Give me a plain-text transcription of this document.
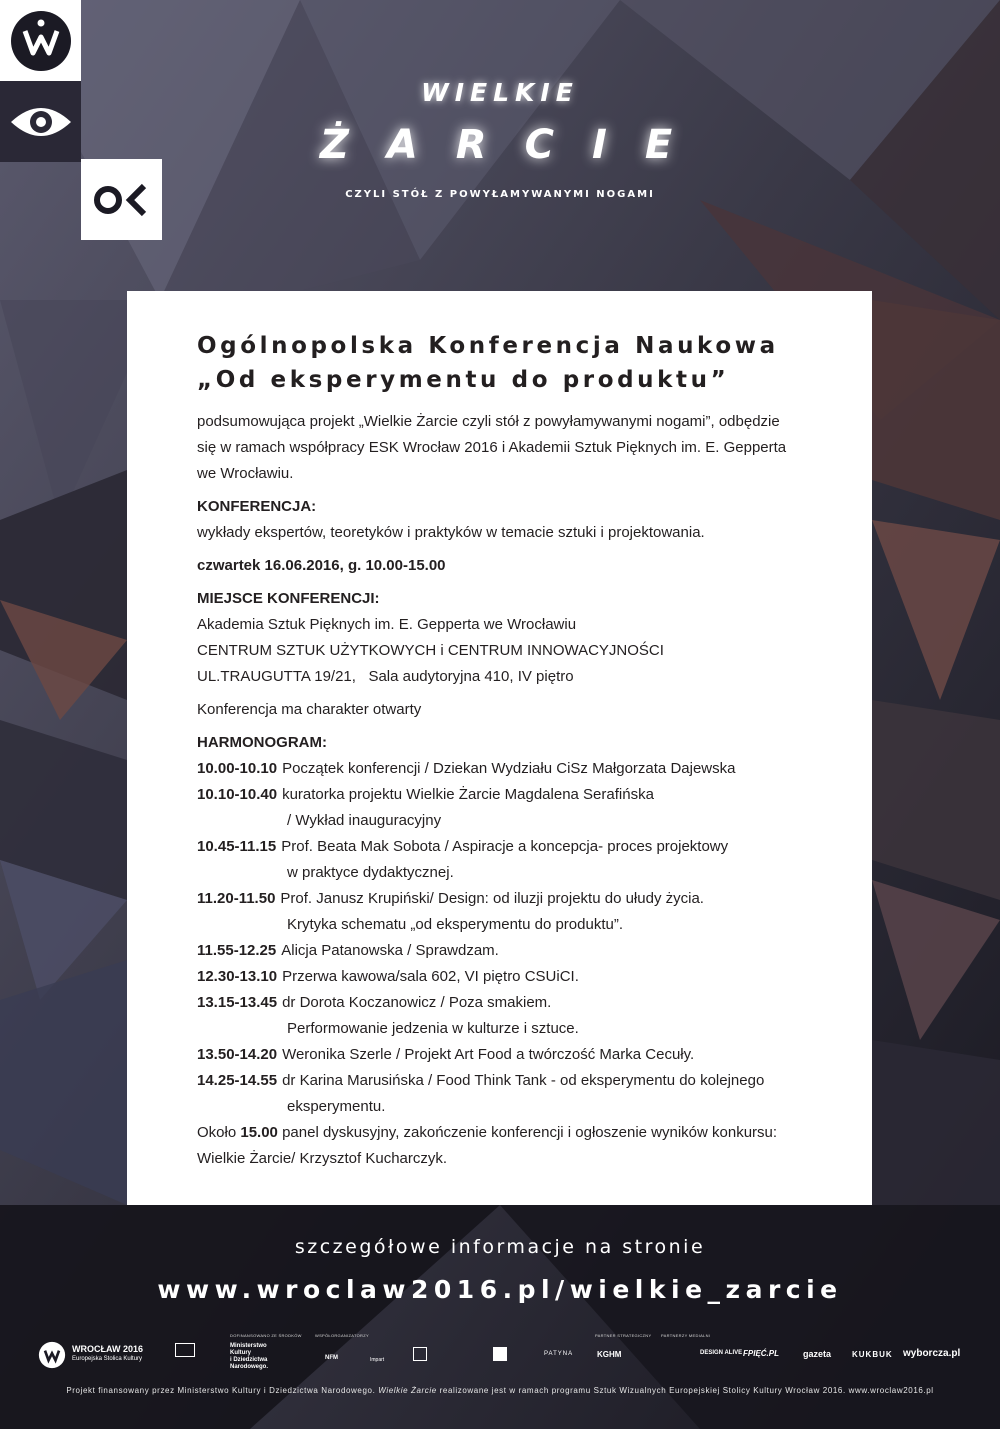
WIELKIE
ŻARCIE
CZYLI STÓŁ Z POWYŁAMYWANYMI NOGAMI
Ogólnopolska Konferencja Naukowa
„Od eksperymentu do produktu”
podsumowująca projekt „Wielkie Żarcie czyli stół z powyłamywanymi nogami”, odbędzie
się w ramach współpracy ESK Wrocław 2016 i Akademii Sztuk Pięknych im. E. Gepperta
we Wrocławiu.
KONFERENCJA:
wykłady ekspertów, teoretyków i praktyków w temacie sztuki i projektowania.
czwartek 16.06.2016, g. 10.00-15.00
MIEJSCE KONFERENCJI:
Akademia Sztuk Pięknych im. E. Gepperta we Wrocławiu
CENTRUM SZTUK UŻYTKOWYCH i CENTRUM INNOWACYJNOŚCI
UL.TRAUGUTTA 19/21,   Sala audytoryjna 410, IV piętro
Konferencja ma charakter otwarty
HARMONOGRAM:
10.00-10.10 Początek konferencji / Dziekan Wydziału CiSz Małgorzata Dajewska
10.10-10.40 kuratorka projektu Wielkie Żarcie Magdalena Serafińska
/ Wykład inauguracyjny
10.45-11.15 Prof. Beata Mak Sobota / Aspiracje a koncepcja- proces projektowy
w praktyce dydaktycznej.
11.20-11.50 Prof. Janusz Krupiński/ Design: od iluzji projektu do ułudy życia.
Krytyka schematu „od eksperymentu do produktu”.
11.55-12.25 Alicja Patanowska / Sprawdzam.
12.30-13.10 Przerwa kawowa/sala 602, VI piętro CSUiCI.
13.15-13.45 dr Dorota Koczanowicz / Poza smakiem.
Performowanie jedzenia w kulturze i sztuce.
13.50-14.20 Weronika Szerle / Projekt Art Food a twórczość Marka Cecuły.
14.25-14.55 dr Karina Marusińska / Food Think Tank - od eksperymentu do kolejnego
eksperymentu.
Około 15.00 panel dyskusyjny, zakończenie konferencji i ogłoszenie wyników konkursu:
Wielkie Żarcie/ Krzysztof Kucharczyk.
szczegółowe informacje na stronie
www.wroclaw2016.pl/wielkie_zarcie
WROCŁAW 2016
Europejska Stolica Kultury
DOFINANSOWANO ZE ŚRODKÓW
Ministerstwo
Kultury
i Dziedzictwa
Narodowego.
WSPÓŁORGANIZATORZY
NFM	Impart
PATYNA
PARTNER STRATEGICZNY
KGHM
PARTNERZY MEDIALNI
DESIGN ALIVE FPIĘĆ.PL	gazeta	KUKBUK wyborcza.pl
Projekt finansowany przez Ministerstwo Kultury i Dziedzictwa Narodowego. Wielkie Żarcie realizowane jest w ramach programu Sztuk Wizualnych Europejskiej Stolicy Kultury Wrocław 2016. www.wroclaw2016.pl
